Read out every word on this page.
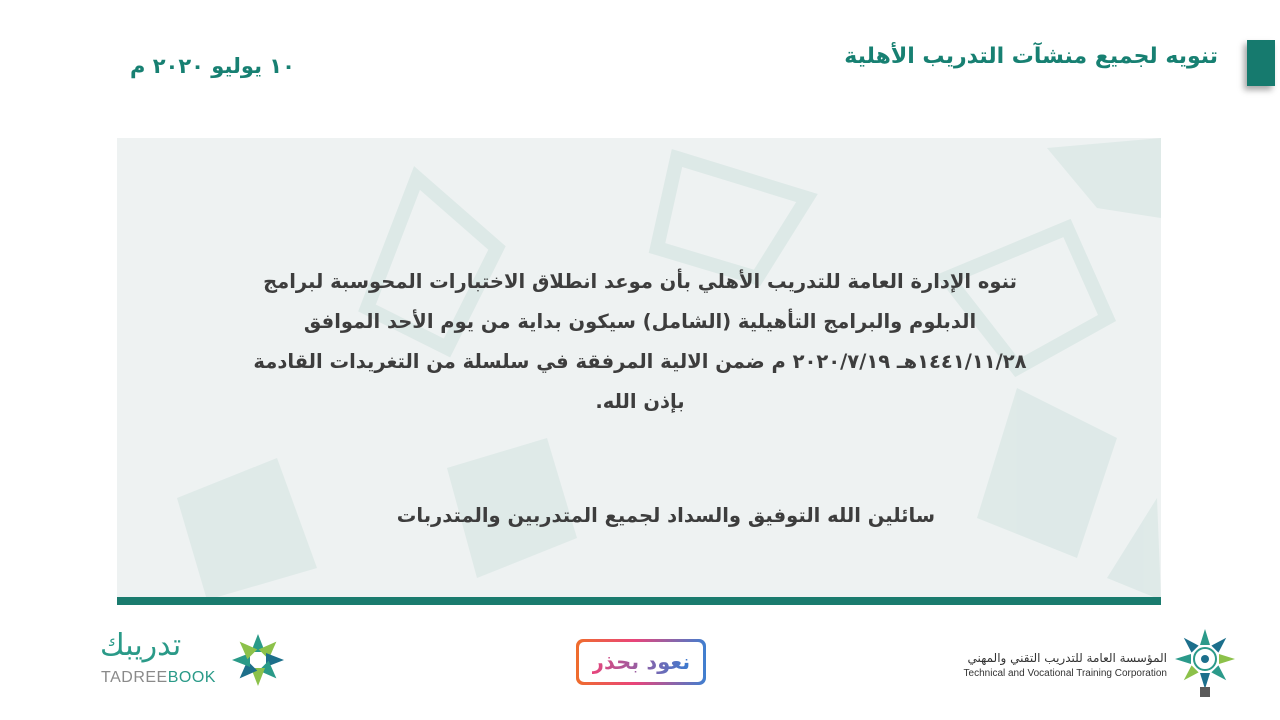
تنويه لجميع منشآت التدريب الأهلية
١٠ يوليو ٢٠٢٠ م
تنوه الإدارة العامة للتدريب الأهلي بأن موعد انطلاق الاختبارات المحوسبة لبرامج
الدبلوم والبرامج التأهيلية (الشامل) سيكون بداية من يوم الأحد الموافق
١٤٤١/١١/٢٨هـ ٢٠٢٠/٧/١٩ م ضمن الالية المرفقة في سلسلة من التغريدات القادمة
بإذن الله.
سائلين الله التوفيق والسداد لجميع المتدربين والمتدربات
المؤسسة العامة للتدريب التقني والمهني
Technical and Vocational Training Corporation
نعود بحذر
تدريبك
TADREEBOOK
